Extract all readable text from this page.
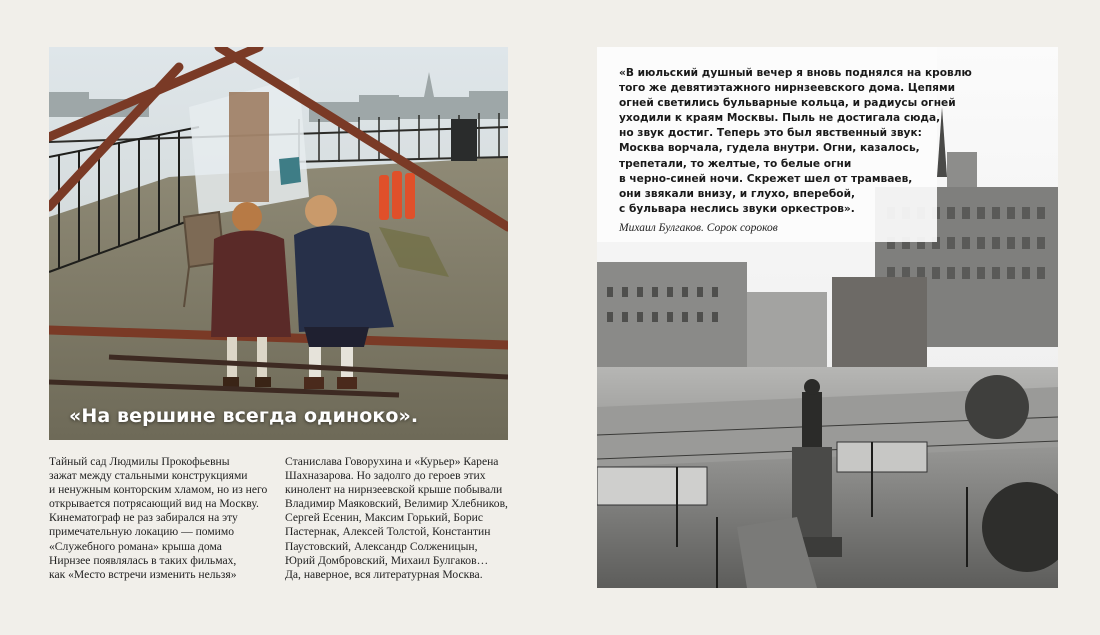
«На вершине всегда одиноко».

Тайный сад Людмилы Прокофьевны
зажат между стальными конструкциями
и ненужным конторским хламом, но из него
открывается потрясающий вид на Москву.
Кинематограф не раз забирался на эту
примечательную локацию — помимо
«Служебного романа» крыша дома
Нирнзее появлялась в таких фильмах,
как «Место встречи изменить нельзя»

Станислава Говорухина и «Курьер» Карена
Шахназарова. Но задолго до героев этих
кинолент на нирнзеевской крыше побывали
Владимир Маяковский, Велимир Хлебников,
Сергей Есенин, Максим Горький, Борис
Пастернак, Алексей Толстой, Константин
Паустовский, Александр Солженицын,
Юрий Домбровский, Михаил Булгаков…
Да, наверное, вся литературная Москва.

«В июльский душный вечер я вновь поднялся на кровлю
того же девятиэтажного нирнзеевского дома. Цепями
огней светились бульварные кольца, и радиусы огней
уходили к краям Москвы. Пыль не достигала сюда,
но звук достиг. Теперь это был явственный звук:
Москва ворчала, гудела внутри. Огни, казалось,
трепетали, то желтые, то белые огни
в черно-синей ночи. Скрежет шел от трамваев,
они звякали внизу, и глухо, вперебой,
с бульвара неслись звуки оркестров».

Михаил Булгаков. Сорок сороков
